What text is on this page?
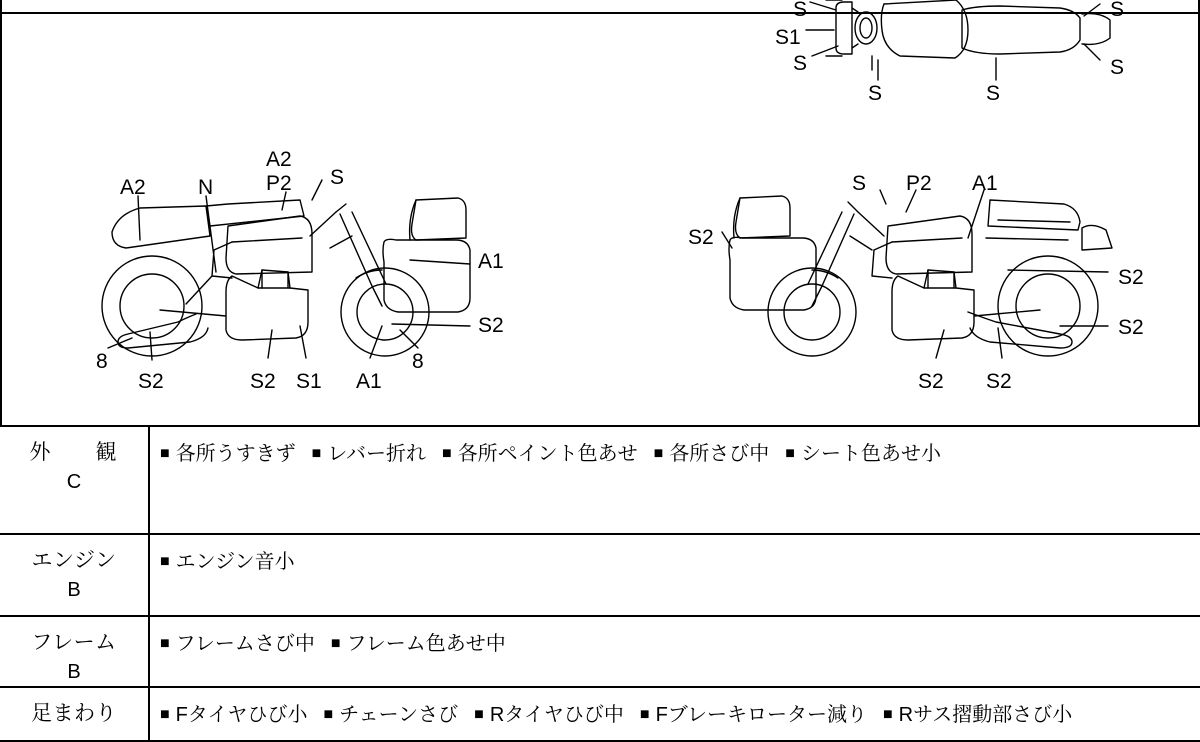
S
S1
S
S
S
S	S
A2 N
A2
P2 S
A1
S2
8
S2	S2 S1 A1
8
S P2 A1
S2
S2
S2
S2 S2
外　観
C	■ 各所うすきず ■ レバー折れ ■ 各所ペイント色あせ ■ 各所さび中 ■ シート色あせ小

エンジン
B	■ エンジン音小

フレーム
B	■ フレームさび中 ■ フレーム色あせ中

足まわり	■ Fタイヤひび小 ■ チェーンさび ■ Rタイヤひび中 ■ Fブレーキローター減り ■ Rサス摺動部さび小
